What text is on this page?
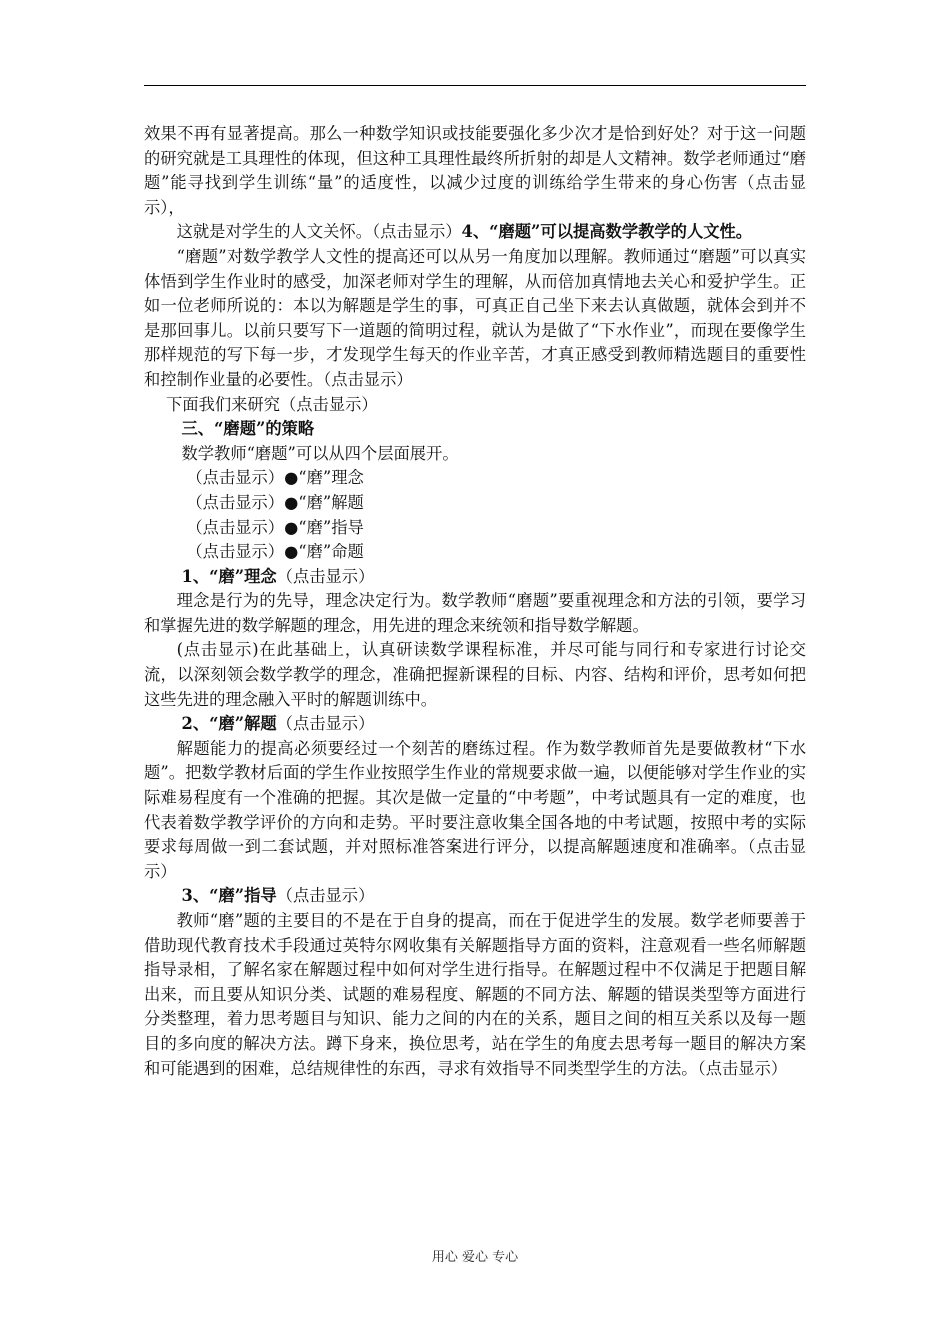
效果不再有显著提高。那么一种数学知识或技能要强化多少次才是恰到好处？对于这一问题的研究就是工具理性的体现，但这种工具理性最终所折射的却是人文精神。数学老师通过“磨题”能寻找到学生训练“量”的适度性，以减少过度的训练给学生带来的身心伤害（点击显示），

这就是对学生的人文关怀。（点击显示）4、“磨题”可以提高数学教学的人文性。

“磨题”对数学教学人文性的提高还可以从另一角度加以理解。教师通过“磨题”可以真实体悟到学生作业时的感受，加深老师对学生的理解，从而倍加真情地去关心和爱护学生。正如一位老师所说的：本以为解题是学生的事，可真正自己坐下来去认真做题，就体会到并不是那回事儿。以前只要写下一道题的简明过程，就认为是做了“下水作业”，而现在要像学生那样规范的写下每一步，才发现学生每天的作业辛苦，才真正感受到教师精选题目的重要性和控制作业量的必要性。（点击显示）

下面我们来研究（点击显示）

三、“磨题”的策略

数学教师“磨题”可以从四个层面展开。

（点击显示）●“磨”理念

（点击显示）●“磨”解题

（点击显示）●“磨”指导

（点击显示）●“磨”命题

1、“磨”理念（点击显示）

理念是行为的先导，理念决定行为。数学教师“磨题”要重视理念和方法的引领，要学习和掌握先进的数学解题的理念，用先进的理念来统领和指导数学解题。

(点击显示)在此基础上，认真研读数学课程标准，并尽可能与同行和专家进行讨论交流，以深刻领会数学教学的理念，准确把握新课程的目标、内容、结构和评价，思考如何把这些先进的理念融入平时的解题训练中。

2、“磨”解题（点击显示）

解题能力的提高必须要经过一个刻苦的磨练过程。作为数学教师首先是要做教材“下水题”。把数学教材后面的学生作业按照学生作业的常规要求做一遍，以便能够对学生作业的实际难易程度有一个准确的把握。其次是做一定量的“中考题”，中考试题具有一定的难度，也代表着数学教学评价的方向和走势。平时要注意收集全国各地的中考试题，按照中考的实际要求每周做一到二套试题，并对照标准答案进行评分，以提高解题速度和准确率。（点击显示）

3、“磨”指导（点击显示）

教师“磨”题的主要目的不是在于自身的提高，而在于促进学生的发展。数学老师要善于借助现代教育技术手段通过英特尔网收集有关解题指导方面的资料，注意观看一些名师解题指导录相，了解名家在解题过程中如何对学生进行指导。在解题过程中不仅满足于把题目解出来，而且要从知识分类、试题的难易程度、解题的不同方法、解题的错误类型等方面进行分类整理，着力思考题目与知识、能力之间的内在的关系，题目之间的相互关系以及每一题目的多向度的解决方法。蹲下身来，换位思考，站在学生的角度去思考每一题目的解决方案和可能遇到的困难，总结规律性的东西，寻求有效指导不同类型学生的方法。（点击显示）

用心 爱心 专心
